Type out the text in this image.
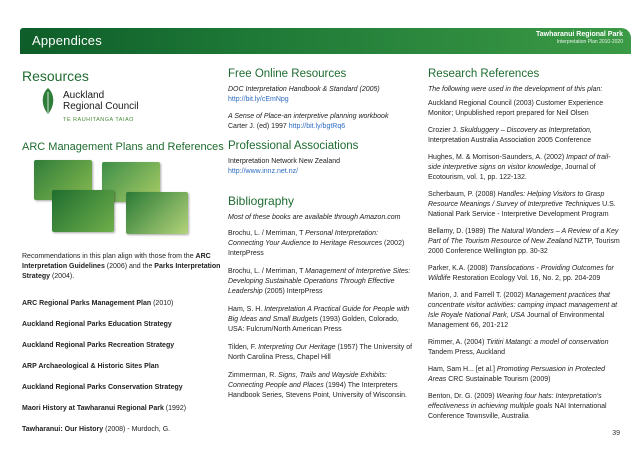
Appendices	Tawharanui Regional Park
Interpretation Plan 2010-2020
Resources
Auckland
Regional Council
TE RAUHITANGA TAIAO
ARC Management Plans and References
Recommendations in this plan align with those from the ARC Interpretation Guidelines (2006) and the Parks Interpretation Strategy (2004).
ARC Regional Parks Management Plan (2010)
Auckland Regional Parks Education Strategy
Auckland Regional Parks Recreation Strategy
ARP Archaeological & Historic Sites Plan
Auckland Regional Parks Conservation Strategy
Maori History at Tawharanui Regional Park (1992)
Tawharanui: Our History (2008) - Murdoch, G.
Free Online Resources
DOC Interpretation Handbook & Standard (2005)
http://bit.ly/cEmNpg
A Sense of Place-an interpretive planning workbook
Carter J. (ed) 1997 http://bit.ly/bgtRq6
Professional Associations
Interpretation Network New Zealand
http://www.innz.net.nz/
Bibliography
Most of these books are available through Amazon.com
Brochu, L. / Merriman, T Personal Interpretation: Connecting Your Audience to Heritage Resources (2002) InterpPress
Brochu, L. / Merriman, T Management of Interpretive Sites: Developing Sustainable Operations Through Effective Leadership (2005) InterpPress
Ham, S. H. Interpretation A Practical Guide for People with Big Ideas and Small Budgets (1993) Golden, Colorado, USA: Fulcrum/North American Press
Tilden, F. Interpreting Our Heritage (1957) The University of North Carolina Press, Chapel Hill
Zimmerman, R. Signs, Trails and Wayside Exhibits: Connecting People and Places (1994) The Interpreters Handbook Series, Stevens Point, University of Wisconsin.
Research References
The following were used in the development of this plan:
Auckland Regional Council (2003) Customer Experience Monitor; Unpublished report prepared for Neil Olsen
Crozier J. Skulduggery – Discovery as Interpretation, Interpretation Australia Association 2005 Conference
Hughes, M. & Morrison-Saunders, A. (2002) Impact of trail-side interpretive signs on visitor knowledge, Journal of Ecotourism, vol. 1, pp. 122-132.
Scherbaum, P. (2008) Handles: Helping Visitors to Grasp Resource Meanings / Survey of Interpretive Techniques U.S. National Park Service - Interpretive Development Program
Bellamy, D. (1989) The Natural Wonders – A Review of a Key Part of The Tourism Resource of New Zealand NZTP, Tourism 2000 Conference Wellington pp. 30-32
Parker, K.A. (2008) Translocations - Providing Outcomes for Wildlife Restoration Ecology Vol. 16, No. 2, pp. 204-209
Marion, J. and Farrell T. (2002) Management practices that concentrate visitor activities: camping impact management at Isle Royale National Park, USA Journal of Environmental Management 66, 201-212
Rimmer, A. (2004) Tiritiri Matangi: a model of conservation Tandem Press, Auckland
Ham, Sam H... [et al.] Promoting Persuasion in Protected Areas CRC Sustainable Tourism (2009)
Benton, Dr. G. (2009) Wearing four hats: Interpretation's effectiveness in achieving multiple goals NAI International Conference Townsville, Australia
39
